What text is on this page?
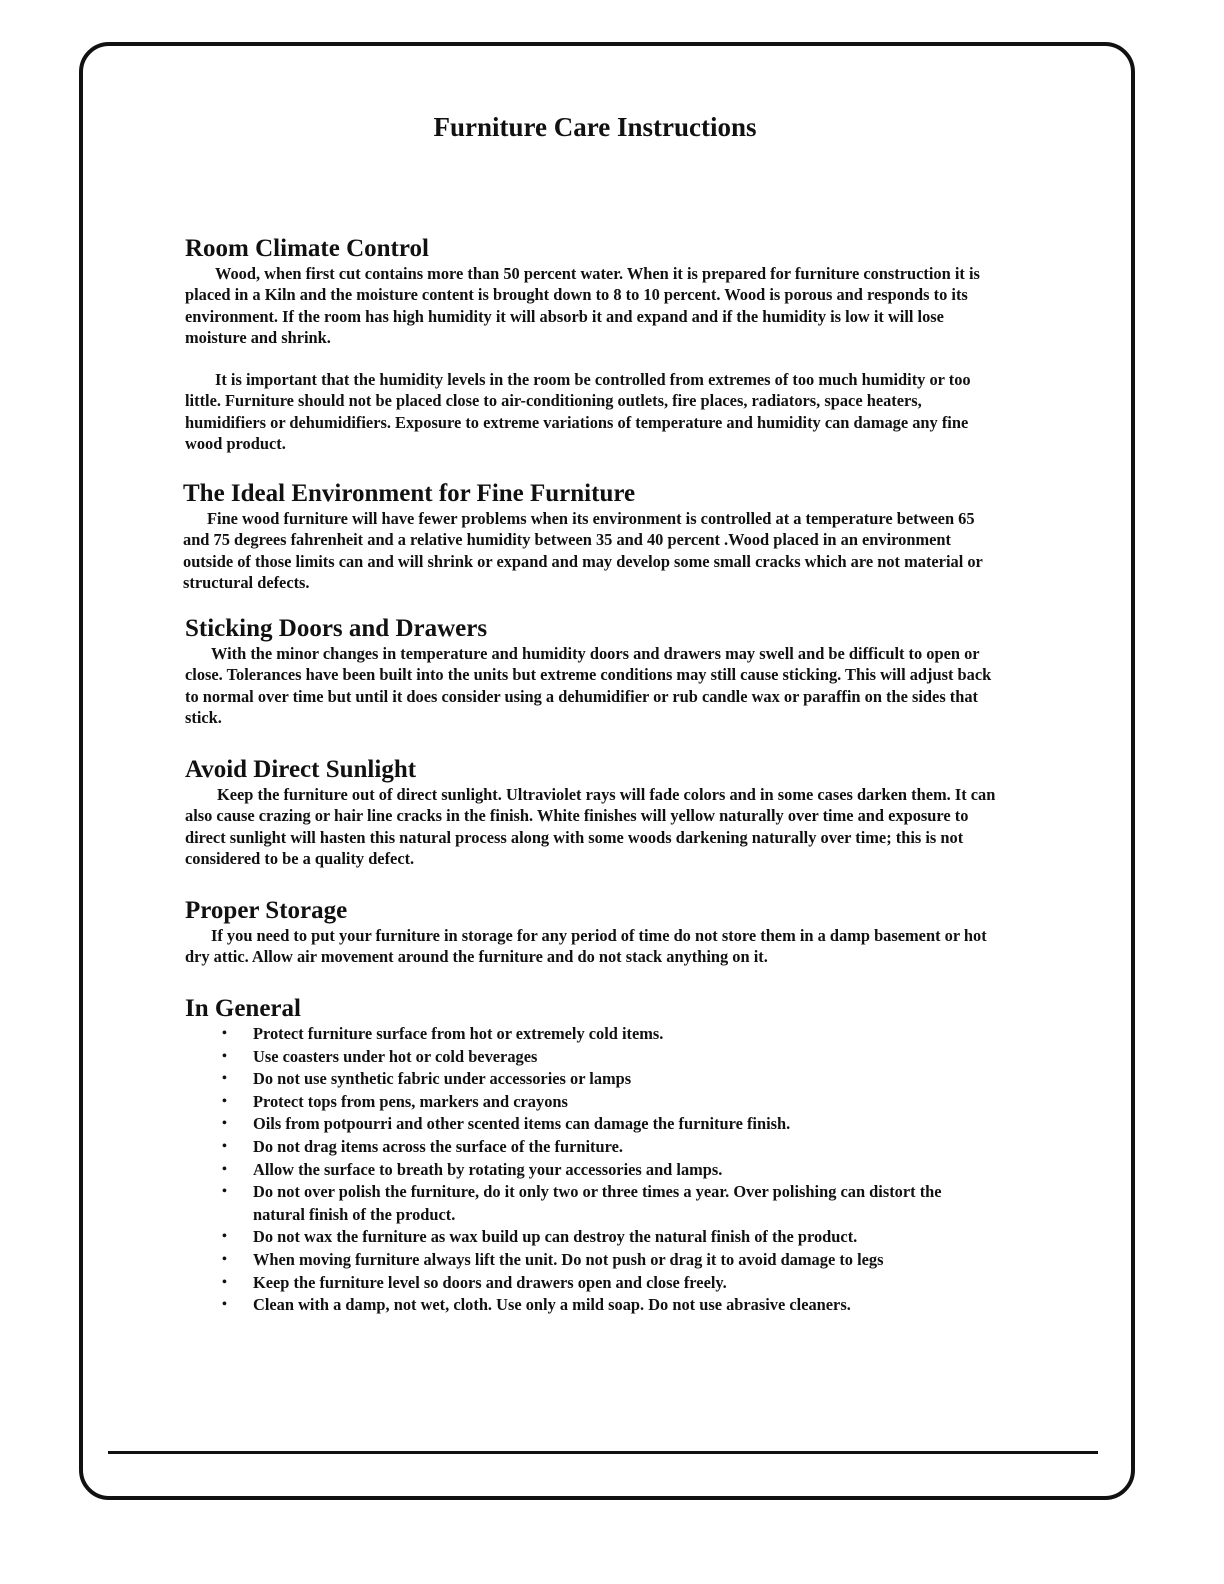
Furniture Care Instructions
Room Climate Control

Wood, when first cut contains more than 50 percent water. When it is prepared for furniture construction it is placed in a Kiln and the moisture content is brought down to 8 to 10 percent. Wood is porous and responds to its environment. If the room has high humidity it will absorb it and expand and if the humidity is low it will lose moisture and shrink.

It is important that the humidity levels in the room be controlled from extremes of too much humidity or too little. Furniture should not be placed close to air-conditioning outlets, fire places, radiators, space heaters, humidifiers or dehumidifiers. Exposure to extreme variations of temperature and humidity can damage any fine wood product.

The Ideal Environment for Fine Furniture

Fine wood furniture will have fewer problems when its environment is controlled at a temperature between 65 and 75 degrees fahrenheit and a relative humidity between 35 and 40 percent .Wood placed in an environment outside of those limits can and will shrink or expand and may develop some small cracks which are not material or structural defects.

Sticking Doors and Drawers

With the minor changes in temperature and humidity doors and drawers may swell and be difficult to open or close. Tolerances have been built into the units but extreme conditions may still cause sticking. This will adjust back to normal over time but until it does consider using a dehumidifier or rub candle wax or paraffin on the sides that stick.

Avoid Direct Sunlight

Keep the furniture out of direct sunlight. Ultraviolet rays will fade colors and in some cases darken them. It can also cause crazing or hair line cracks in the finish. White finishes will yellow naturally over time and exposure to direct sunlight will hasten this natural process along with some woods darkening naturally over time; this is not considered to be a quality defect.

Proper Storage

If you need to put your furniture in storage for any period of time do not store them in a damp basement or hot dry attic. Allow air movement around the furniture and do not stack anything on it.

In General
• Protect furniture surface from hot or extremely cold items.
• Use coasters under hot or cold beverages
• Do not use synthetic fabric under accessories or lamps
• Protect tops from pens, markers and crayons
• Oils from potpourri and other scented items can damage the furniture finish.
• Do not drag items across the surface of the furniture.
• Allow the surface to breath by rotating your accessories and lamps.
• Do not over polish the furniture, do it only two or three times a year. Over polishing can distort the natural finish of the product.
• Do not wax the furniture as wax build up can destroy the natural finish of the product.
• When moving furniture always lift the unit. Do not push or drag it to avoid damage to legs
• Keep the furniture level so doors and drawers open and close freely.
• Clean with a damp, not wet, cloth. Use only a mild soap. Do not use abrasive cleaners.
